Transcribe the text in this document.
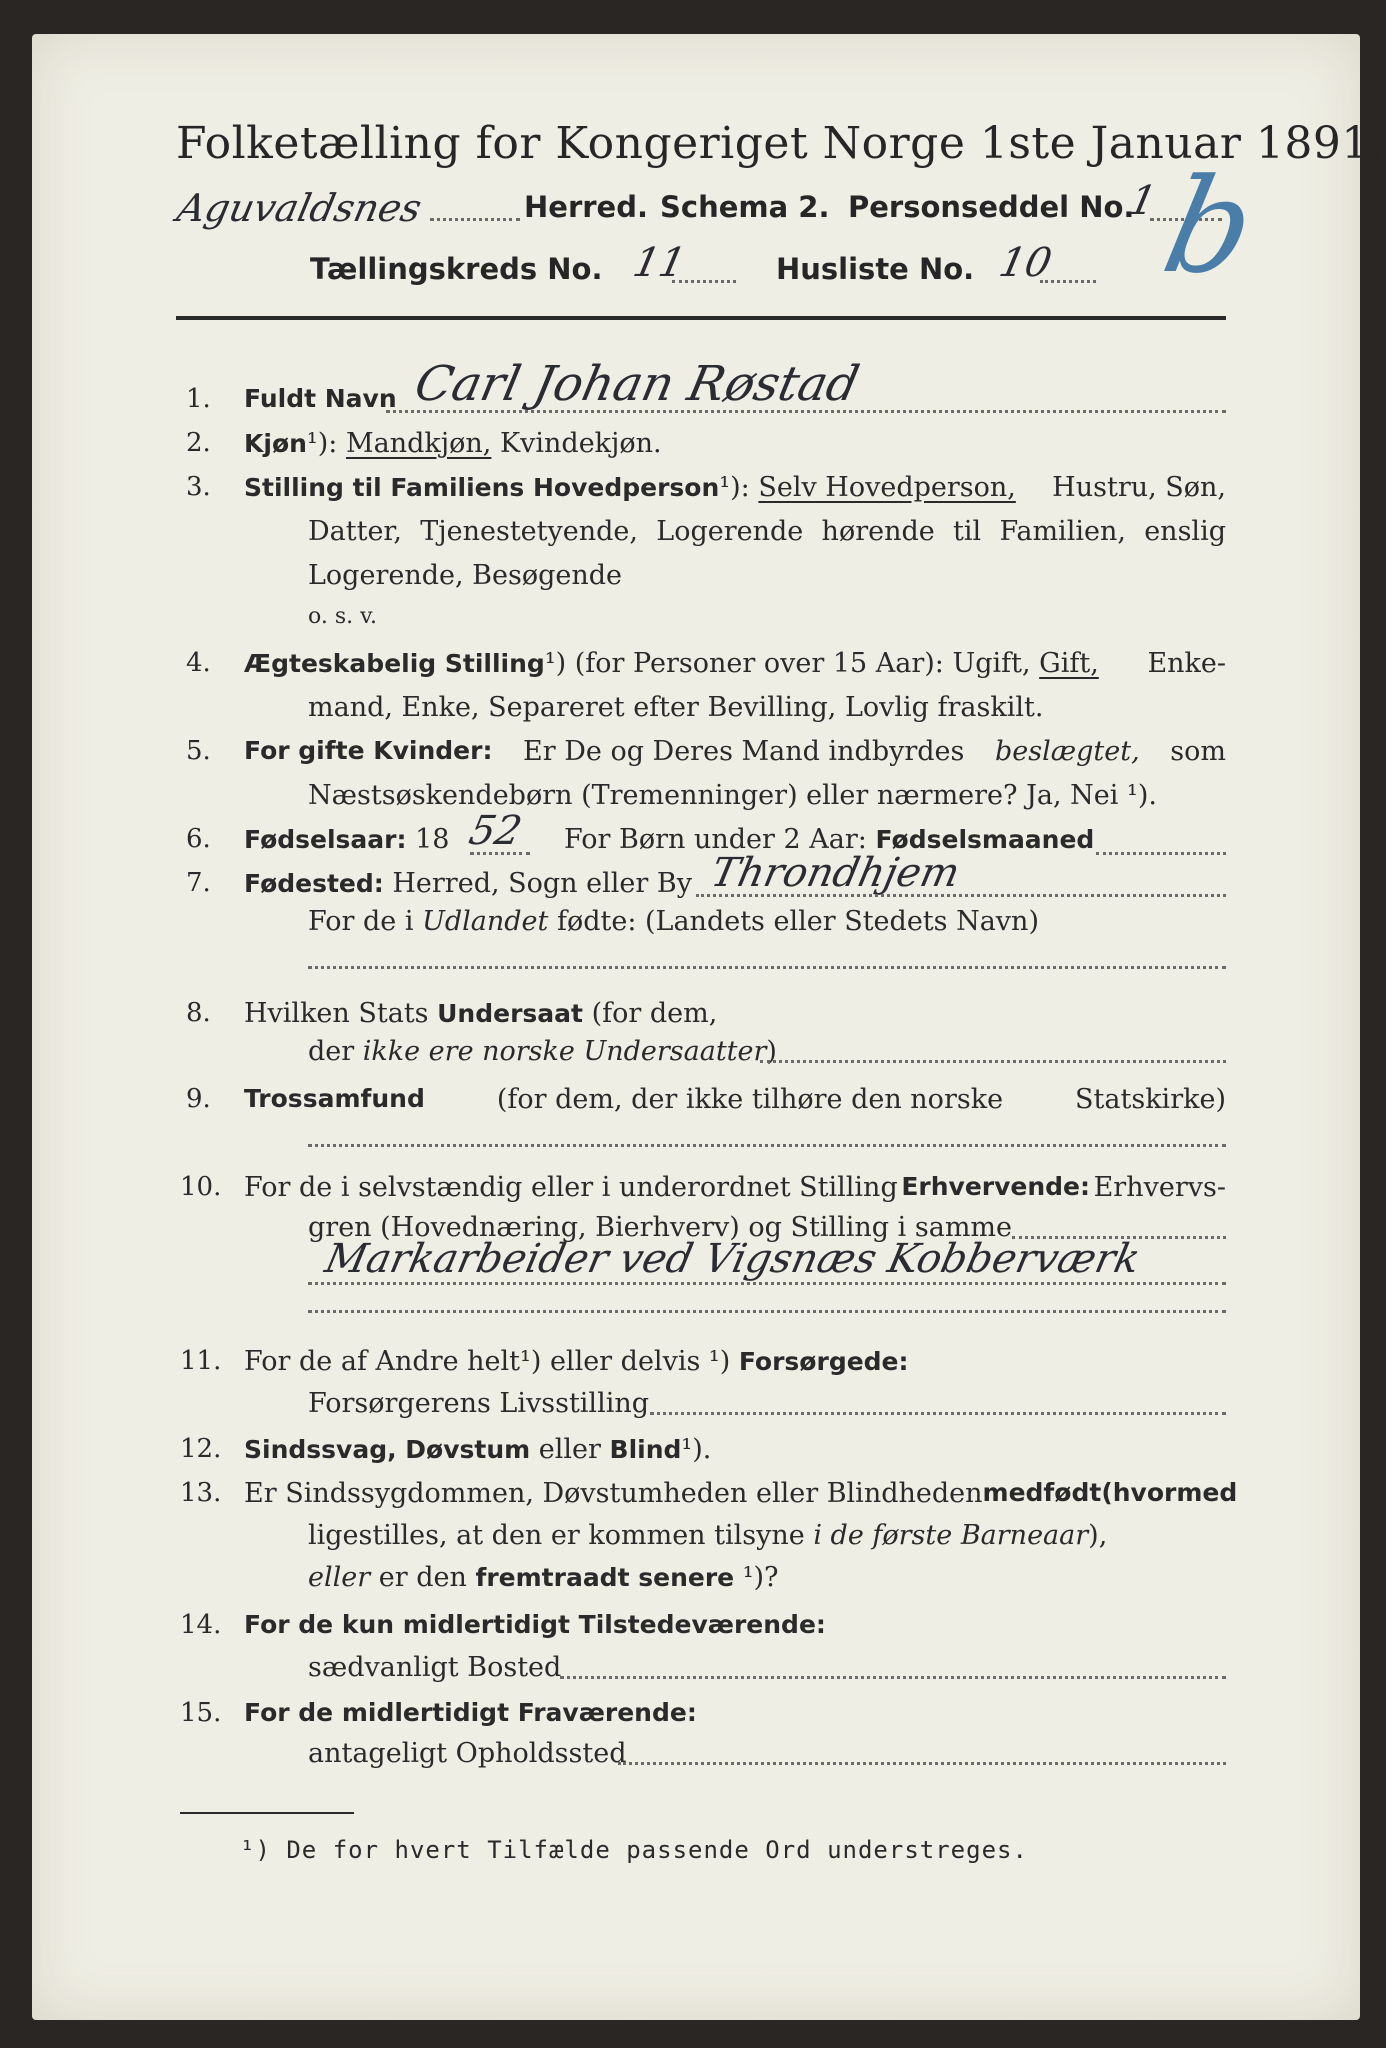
Folketælling for Kongeriget Norge 1ste Januar 1891.
Aguvaldsnes	Herred. Schema 2. Personseddel No.
1
Tællingskreds No. 11	Husliste No. 10 b
1. Fuldt Navn Carl Johan Røstad
2. Kjøn¹): Mandkjøn, Kvindekjøn.
3. Stilling til Familiens Hovedperson¹): Selv Hovedperson, Hustru, Søn,
Datter, Tjenestetyende, Logerende hørende til Familien, enslig
Logerende, Besøgende
o. s. v.
4. Ægteskabelig Stilling¹) (for Personer over 15 Aar): Ugift, Gift, Enke-
mand, Enke, Separeret efter Bevilling, Lovlig fraskilt.
5. For gifte Kvinder: Er De og Deres Mand indbyrdes beslægtet, som
Næstsøskendebørn (Tremenninger) eller nærmere? Ja, Nei ¹).
6. Fødselsaar: 18 52 For Børn under 2 Aar: Fødselsmaaned
7. Fødested: Herred, Sogn eller By Throndhjem
For de i Udlandet fødte: (Landets eller Stedets Navn)
8. Hvilken Stats Undersaat (for dem,
der ikke ere norske Undersaatter)
9. Trossamfund	(for dem, der ikke tilhøre den norske	Statskirke)
10. For de i selvstændig eller i underordnet Stilling Erhvervende: Erhvervs-
gren (Hovednæring, Bierhverv) og Stilling i samme
Markarbeider ved Vigsnæs Kobberværk
11. For de af Andre helt¹) eller delvis ¹) Forsørgede:
Forsørgerens Livsstilling
12. Sindssvag, Døvstum eller Blind¹).
13. Er Sindssygdommen, Døvstumheden eller Blindheden medfødt (hvormed
ligestilles, at den er kommen tilsyne i de første Barneaar),
eller er den fremtraadt senere ¹)?
14. For de kun midlertidigt Tilstedeværende:
sædvanligt Bosted
15. For de midlertidigt Fraværende:
antageligt Opholdssted
¹) De for hvert Tilfælde passende Ord understreges.
